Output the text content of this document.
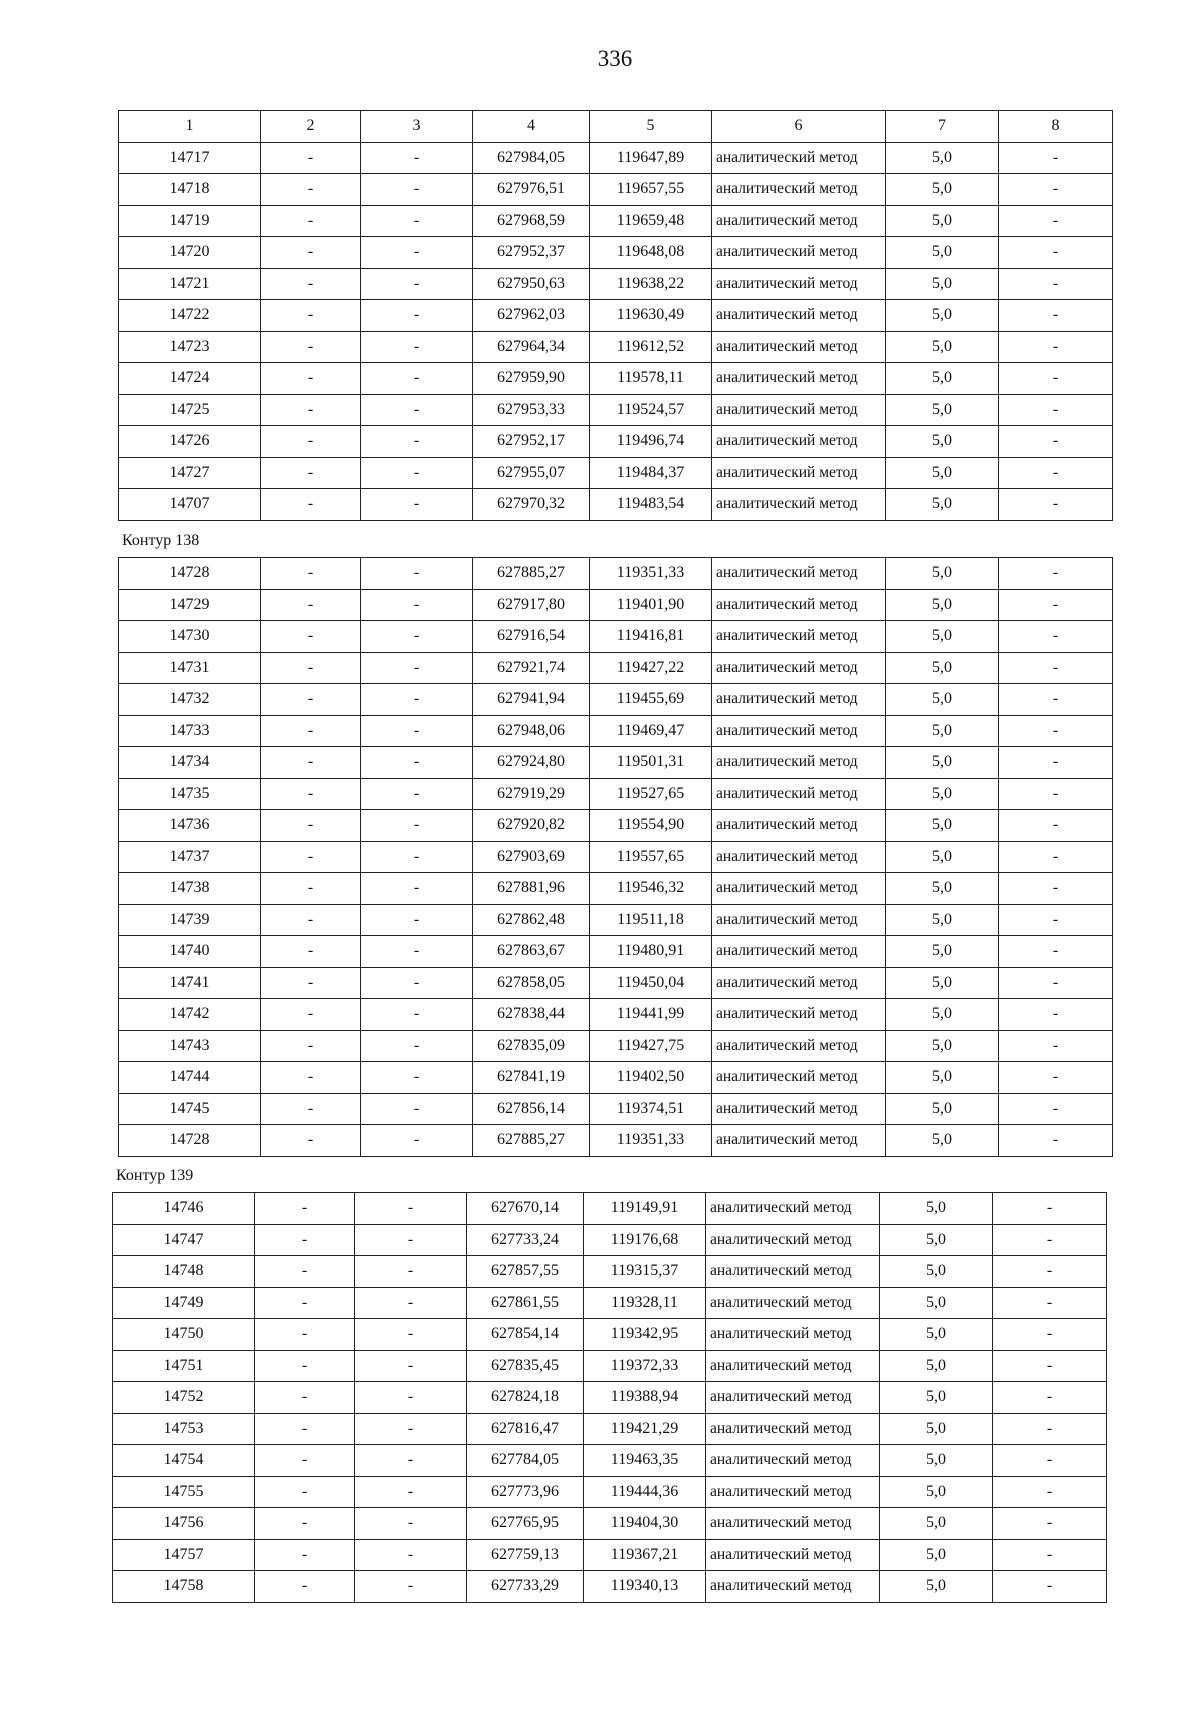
336
1	2	3	4	5	6	7	8
14717	-	-	627984,05	119647,89	аналитический метод	5,0	-
14718	-	-	627976,51	119657,55	аналитический метод	5,0	-
14719	-	-	627968,59	119659,48	аналитический метод	5,0	-
14720	-	-	627952,37	119648,08	аналитический метод	5,0	-
14721	-	-	627950,63	119638,22	аналитический метод	5,0	-
14722	-	-	627962,03	119630,49	аналитический метод	5,0	-
14723	-	-	627964,34	119612,52	аналитический метод	5,0	-
14724	-	-	627959,90	119578,11	аналитический метод	5,0	-
14725	-	-	627953,33	119524,57	аналитический метод	5,0	-
14726	-	-	627952,17	119496,74	аналитический метод	5,0	-
14727	-	-	627955,07	119484,37	аналитический метод	5,0	-
14707	-	-	627970,32	119483,54	аналитический метод	5,0	-
Контур 138
14728	-	-	627885,27	119351,33	аналитический метод	5,0	-
14729	-	-	627917,80	119401,90	аналитический метод	5,0	-
14730	-	-	627916,54	119416,81	аналитический метод	5,0	-
14731	-	-	627921,74	119427,22	аналитический метод	5,0	-
14732	-	-	627941,94	119455,69	аналитический метод	5,0	-
14733	-	-	627948,06	119469,47	аналитический метод	5,0	-
14734	-	-	627924,80	119501,31	аналитический метод	5,0	-
14735	-	-	627919,29	119527,65	аналитический метод	5,0	-
14736	-	-	627920,82	119554,90	аналитический метод	5,0	-
14737	-	-	627903,69	119557,65	аналитический метод	5,0	-
14738	-	-	627881,96	119546,32	аналитический метод	5,0	-
14739	-	-	627862,48	119511,18	аналитический метод	5,0	-
14740	-	-	627863,67	119480,91	аналитический метод	5,0	-
14741	-	-	627858,05	119450,04	аналитический метод	5,0	-
14742	-	-	627838,44	119441,99	аналитический метод	5,0	-
14743	-	-	627835,09	119427,75	аналитический метод	5,0	-
14744	-	-	627841,19	119402,50	аналитический метод	5,0	-
14745	-	-	627856,14	119374,51	аналитический метод	5,0	-
14728	-	-	627885,27	119351,33	аналитический метод	5,0	-
Контур 139
14746	-	-	627670,14	119149,91	аналитический метод	5,0	-
14747	-	-	627733,24	119176,68	аналитический метод	5,0	-
14748	-	-	627857,55	119315,37	аналитический метод	5,0	-
14749	-	-	627861,55	119328,11	аналитический метод	5,0	-
14750	-	-	627854,14	119342,95	аналитический метод	5,0	-
14751	-	-	627835,45	119372,33	аналитический метод	5,0	-
14752	-	-	627824,18	119388,94	аналитический метод	5,0	-
14753	-	-	627816,47	119421,29	аналитический метод	5,0	-
14754	-	-	627784,05	119463,35	аналитический метод	5,0	-
14755	-	-	627773,96	119444,36	аналитический метод	5,0	-
14756	-	-	627765,95	119404,30	аналитический метод	5,0	-
14757	-	-	627759,13	119367,21	аналитический метод	5,0	-
14758	-	-	627733,29	119340,13	аналитический метод	5,0	-
